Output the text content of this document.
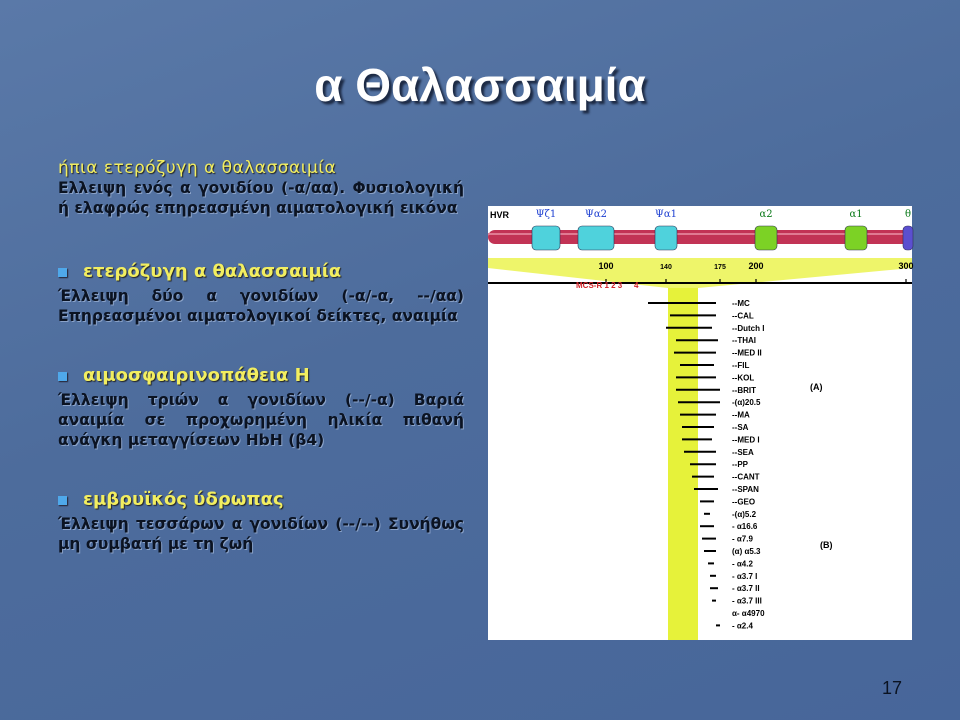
α Θαλασσαιμία
ήπια ετερόζυγη α θαλασσαιμία
Ελλειψη ενός α γονιδίου (-α/αα). Φυσιολογική ή ελαφρώς επηρεασμένη αιματολογική εικόνα
ετερόζυγη α θαλασσαιμία
Έλλειψη δύο α γονιδίων (-α/-α, --/αα) Επηρεασμένοι αιματολογικοί δείκτες, αναιμία
αιμοσφαιρινοπάθεια Η
Έλλειψη τριών α γονιδίων (--/-α) Βαριά αναιμία σε προχωρημένη ηλικία πιθανή ανάγκη μεταγγίσεων HbH (β4)
εμβρυϊκός ύδρωπας
Έλλειψη τεσσάρων α γονιδίων (--/--) Συνήθως μη συμβατή με τη ζωή
Ψζ1	Ψα2	Ψα1	α2	α1	θ
100	140	175	200	300
HVR
MCS-R 1 2 3 4
(A)
(B)
--MC
--CAL
--Dutch I
--THAI
--MED II
--FIL
--KOL
--BRIT
-(α)20.5
--MA
--SA
--MED I
--SEA
--PP
--CANT
--SPAN
--GEO
-(α)5.2
- α16.6
- α7.9
(α) α5.3
- α4.2
- α3.7 I
- α3.7 II
- α3.7 III
α- α4970
- α2.4
17
